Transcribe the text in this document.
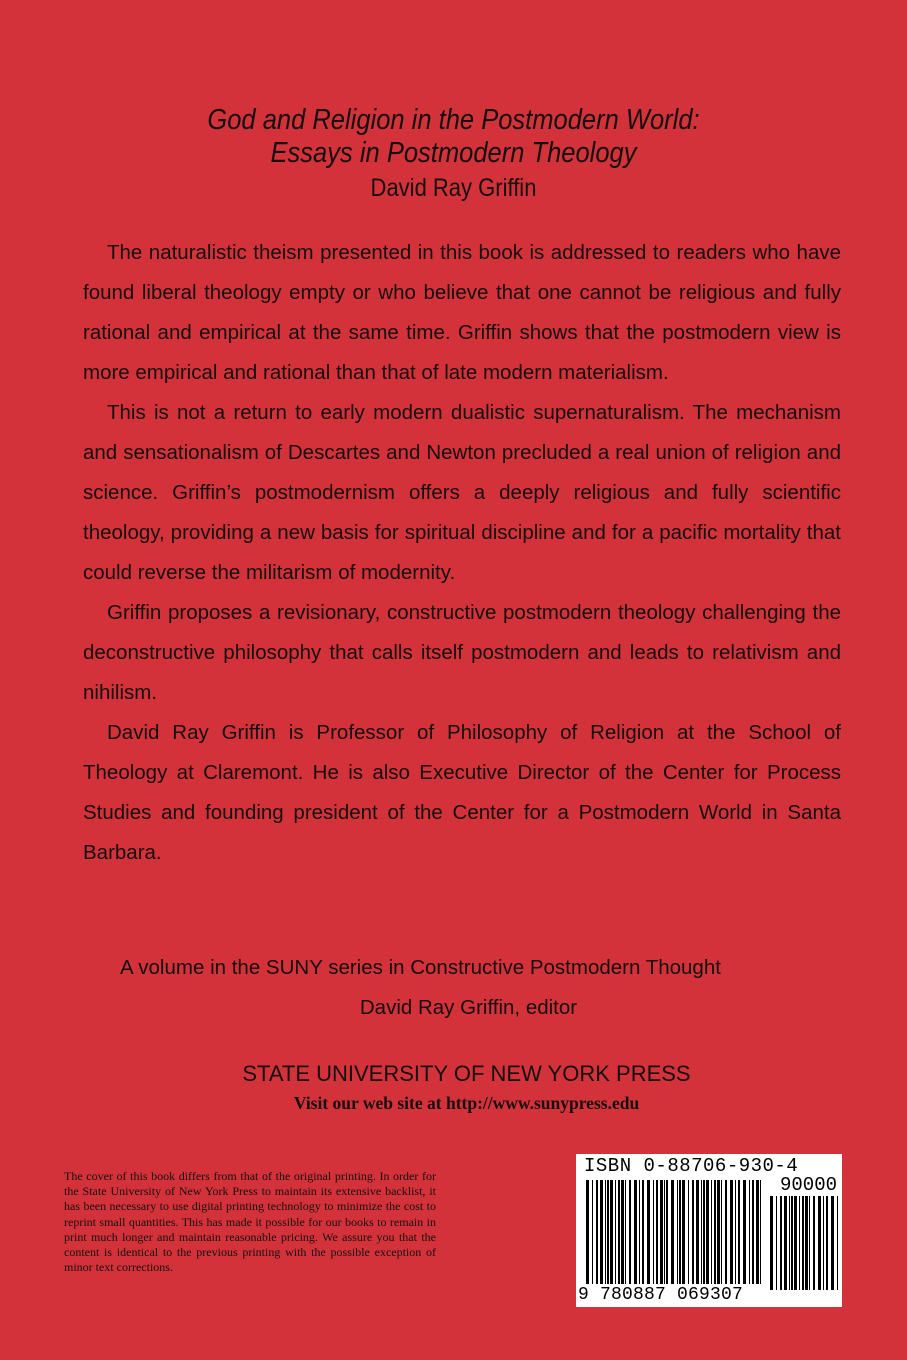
God and Religion in the Postmodern World:
Essays in Postmodern Theology
David Ray Griffin

The naturalistic theism presented in this book is addressed to readers who have found liberal theology empty or who believe that one cannot be religious and fully rational and empirical at the same time. Griffin shows that the postmodern view is more empirical and rational than that of late modern materialism.

This is not a return to early modern dualistic supernaturalism. The mechanism and sensationalism of Descartes and Newton precluded a real union of religion and science. Griffin’s postmodernism offers a deeply religious and fully scientific theology, providing a new basis for spiritual discipline and for a pacific mortality that could reverse the militarism of modernity.

Griffin proposes a revisionary, constructive postmodern theology challenging the deconstructive philosophy that calls itself postmodern and leads to relativism and nihilism.

David Ray Griffin is Professor of Philosophy of Religion at the School of Theology at Claremont. He is also Executive Director of the Center for Process Studies and founding president of the Center for a Postmodern World in Santa Barbara.

A volume in the SUNY series in Constructive Postmodern Thought
David Ray Griffin, editor
STATE UNIVERSITY OF NEW YORK PRESS
Visit our web site at http://www.sunypress.edu
The cover of this book differs from that of the original printing. In order for the State University of New York Press to maintain its extensive backlist, it has been necessary to use digital printing technology to minimize the cost to reprint small quantities. This has made it possible for our books to remain in print much longer and maintain reasonable pricing. We assure you that the content is identical to the previous printing with the possible exception of minor text corrections.
ISBN 0-88706-930-4
90000
9 780887 069307
